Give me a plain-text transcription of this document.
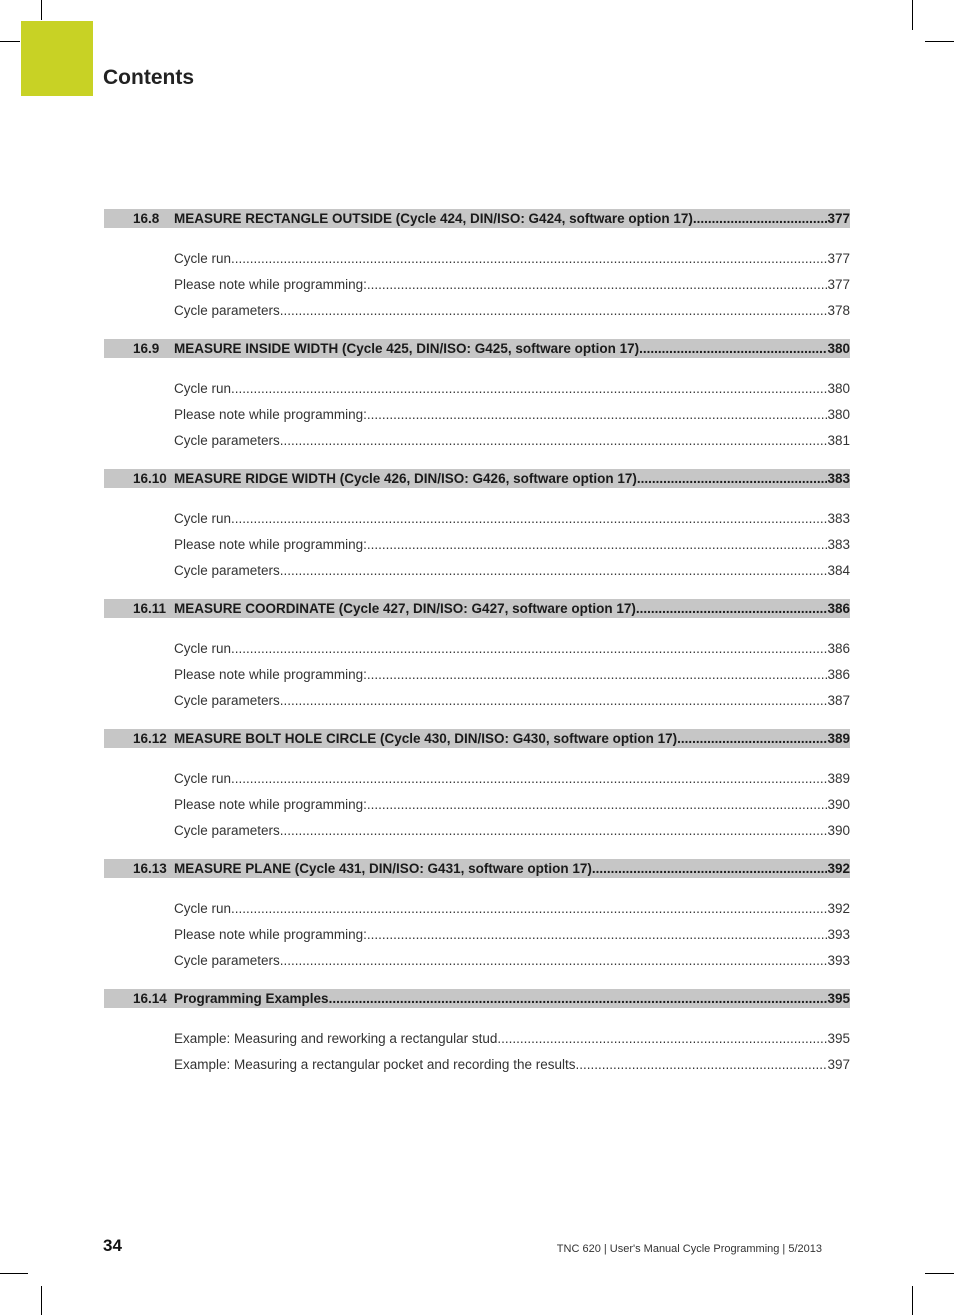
Contents
16.8	MEASURE RECTANGLE OUTSIDE (Cycle 424, DIN/ISO: G424, software option 17) .....	377
Cycle run .....	377
Please note while programming: .....	377
Cycle parameters .....	378
16.9	MEASURE INSIDE WIDTH (Cycle 425, DIN/ISO: G425, software option 17) .....	380
Cycle run .....	380
Please note while programming: .....	380
Cycle parameters .....	381
16.10 MEASURE RIDGE WIDTH (Cycle 426, DIN/ISO: G426, software option 17) .....	383
Cycle run .....	383
Please note while programming: .....	383
Cycle parameters .....	384
16.11 MEASURE COORDINATE (Cycle 427, DIN/ISO: G427, software option 17) .....	386
Cycle run .....	386
Please note while programming: .....	386
Cycle parameters .....	387
16.12 MEASURE BOLT HOLE CIRCLE (Cycle 430, DIN/ISO: G430, software option 17) .....	389
Cycle run .....	389
Please note while programming: .....	390
Cycle parameters .....	390
16.13 MEASURE PLANE (Cycle 431, DIN/ISO: G431, software option 17) .....	392
Cycle run .....	392
Please note while programming: .....	393
Cycle parameters .....	393
16.14 Programming Examples .....	395
Example: Measuring and reworking a rectangular stud .....	395
Example: Measuring a rectangular pocket and recording the results .....	397
34	TNC 620 | User's Manual Cycle Programming | 5/2013
